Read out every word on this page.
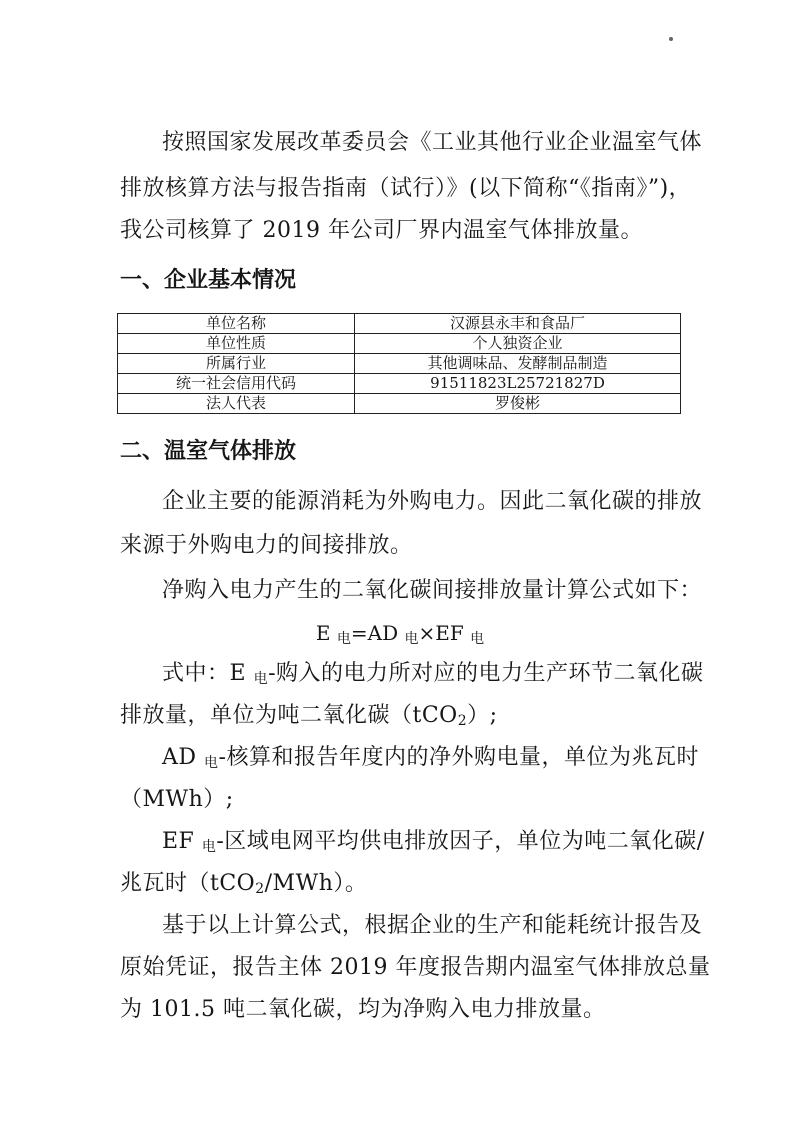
按照国家发展改革委员会《工业其他行业企业温室气体
排放核算方法与报告指南（试行）》(以下简称“《指南》”)，
我公司核算了 2019 年公司厂界内温室气体排放量。
一、企业基本情况
单位名称	汉源县永丰和食品厂
单位性质	个人独资企业
所属行业	其他调味品、发酵制品制造
统一社会信用代码	91511823L25721827D
法人代表	罗俊彬
二、温室气体排放
企业主要的能源消耗为外购电力。因此二氧化碳的排放
来源于外购电力的间接排放。
净购入电力产生的二氧化碳间接排放量计算公式如下：
E $_电$=AD $_电$×EF $_电$
式中：E $_电$-购入的电力所对应的电力生产环节二氧化碳
排放量，单位为吨二氧化碳（tCO$_2$）;
AD $_电$-核算和报告年度内的净外购电量，单位为兆瓦时
（MWh）;
EF $_电$-区域电网平均供电排放因子，单位为吨二氧化碳/
兆瓦时（tCO$_2$/MWh）。
基于以上计算公式，根据企业的生产和能耗统计报告及
原始凭证，报告主体 2019 年度报告期内温室气体排放总量
为 101.5 吨二氧化碳，均为净购入电力排放量。
